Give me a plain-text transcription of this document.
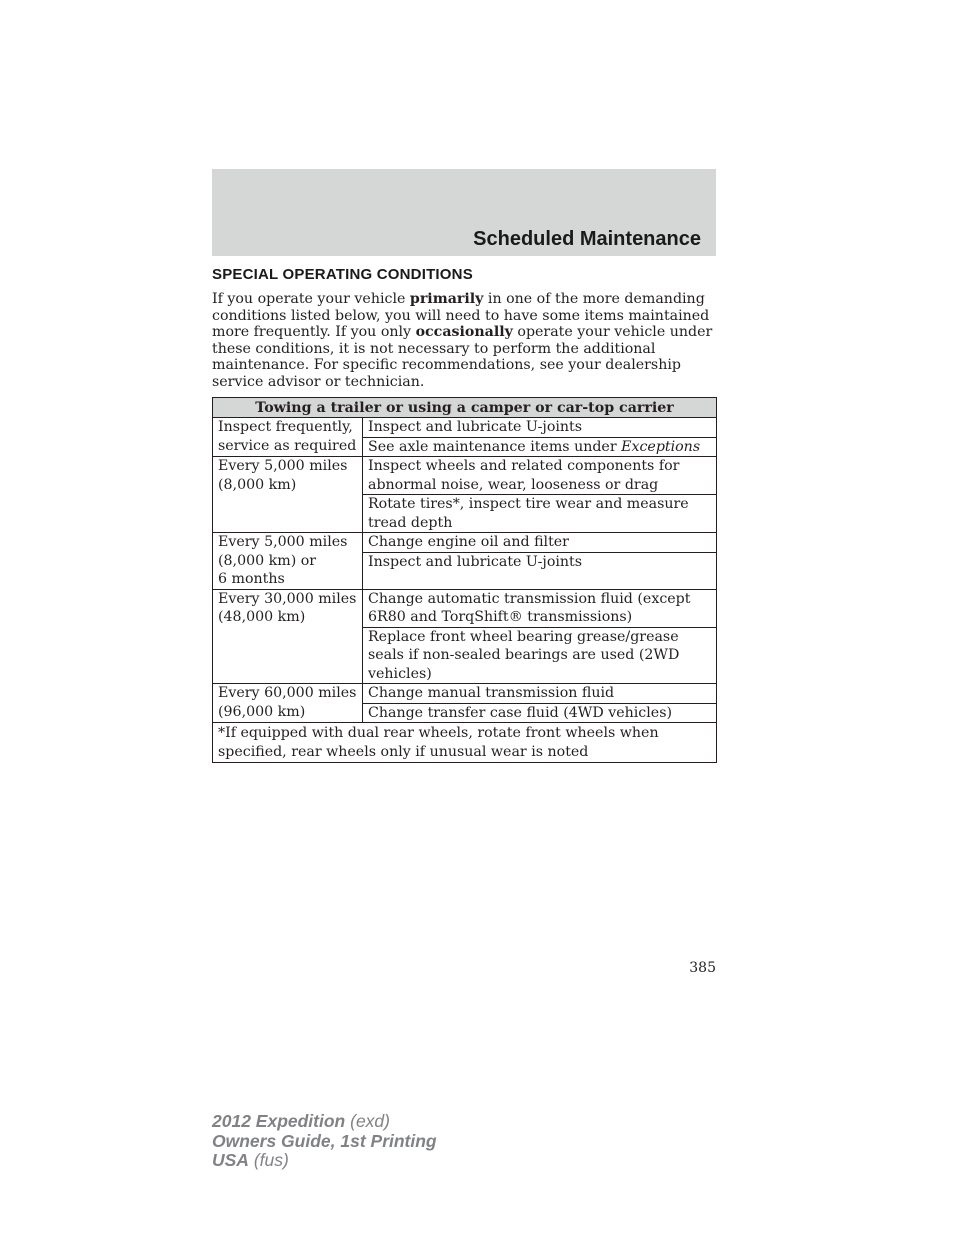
Scheduled Maintenance
SPECIAL OPERATING CONDITIONS
If you operate your vehicle primarily in one of the more demanding conditions listed below, you will need to have some items maintained more frequently. If you only occasionally operate your vehicle under these conditions, it is not necessary to perform the additional maintenance. For specific recommendations, see your dealership service advisor or technician.
Towing a trailer or using a camper or car-top carrier	
Inspect frequently, service as required	Inspect and lubricate U-joints
	See axle maintenance items under Exceptions
Every 5,000 miles
(8,000 km)	Inspect wheels and related components for abnormal noise, wear, looseness or drag
	Rotate tires*, inspect tire wear and measure tread depth
Every 5,000 miles
(8,000 km) or
6 months	Change engine oil and filter
	Inspect and lubricate U-joints
Every 30,000 miles
(48,000 km)	Change automatic transmission fluid (except 6R80 and TorqShift® transmissions)
	Replace front wheel bearing grease/grease seals if non-sealed bearings are used (2WD vehicles)
Every 60,000 miles
(96,000 km)	Change manual transmission fluid
	Change transfer case fluid (4WD vehicles)
*If equipped with dual rear wheels, rotate front wheels when specified, rear wheels only if unusual wear is noted	
385
2012 Expedition (exd)
Owners Guide, 1st Printing
USA (fus)
